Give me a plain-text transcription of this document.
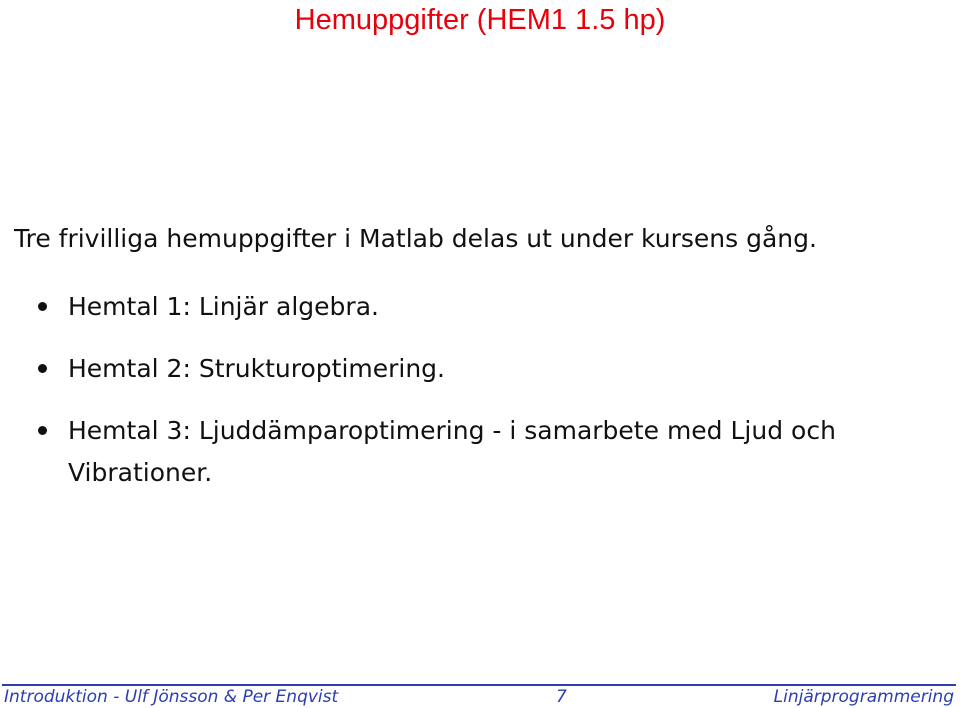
Hemuppgifter (HEM1 1.5 hp)

Tre frivilliga hemuppgifter i Matlab delas ut under kursens gång.

Hemtal 1: Linjär algebra.
Hemtal 2: Strukturoptimering.
Hemtal 3: Ljuddämparoptimering - i samarbete med Ljud och Vibrationer.
Introduktion - Ulf Jönsson & Per Enqvist	7	Linjärprogrammering
